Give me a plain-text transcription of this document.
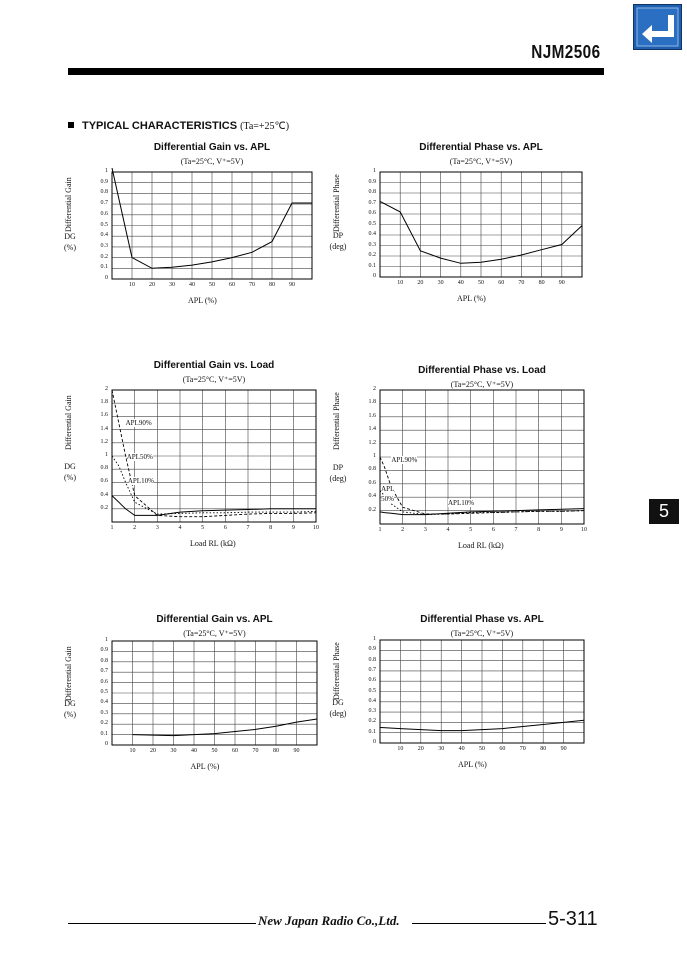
NJM2506
TYPICAL CHARACTERISTICS (Ta=+25℃)
5
New Japan Radio Co.,Ltd.	5-311
Differential Gain vs. APL
(Ta=25°C, V⁺=5V)
Differential Gain
DG
(%)
APL (%)
10	20	30	40	50	60	70	80	90
0
0.1
0.2
0.3
0.4
0.5
0.6
0.7
0.8
0.9
1
Differential Phase vs. APL
(Ta=25°C, V⁺=5V)
Differential Phase
DP
(deg)
APL (%)
10	20	30	40	50	60	70	80	90
0
0.1
0.2
0.3
0.4
0.5
0.6
0.7
0.8
0.9
1
Differential Gain vs. Load
(Ta=25°C, V⁺=5V)
Differential Gain
DG
(%)
Load RL (kΩ)
1	2	3	4	5	6	7	8	9	10
0.2
0.4
0.6
0.8
1
1.2
1.4
1.6
1.8
2
APL90%
APL50%
APL10%
Differential Phase vs. Load
(Ta=25°C, V⁺=5V)
Differential Phase
DP
(deg)
Load RL (kΩ)
1	2	3	4	5	6	7	8	9	10
0.2
0.4
0.6
0.8
1
1.2
1.4
1.6
1.8
2
APL90%
APL
50%
APL10%
Differential Gain vs. APL
(Ta=25°C, V⁺=5V)
Differential Gain
DG
(%)
APL (%)
10	20	30	40	50	60	70	80	90
0
0.1
0.2
0.3
0.4
0.5
0.6
0.7
0.8
0.9
1
Differential Phase vs. APL
(Ta=25°C, V⁺=5V)
Differential Phase
DG
(deg)
APL (%)
10	20	30	40	50	60	70	80	90
0
0.1
0.2
0.3
0.4
0.5
0.6
0.7
0.8
0.9
1
